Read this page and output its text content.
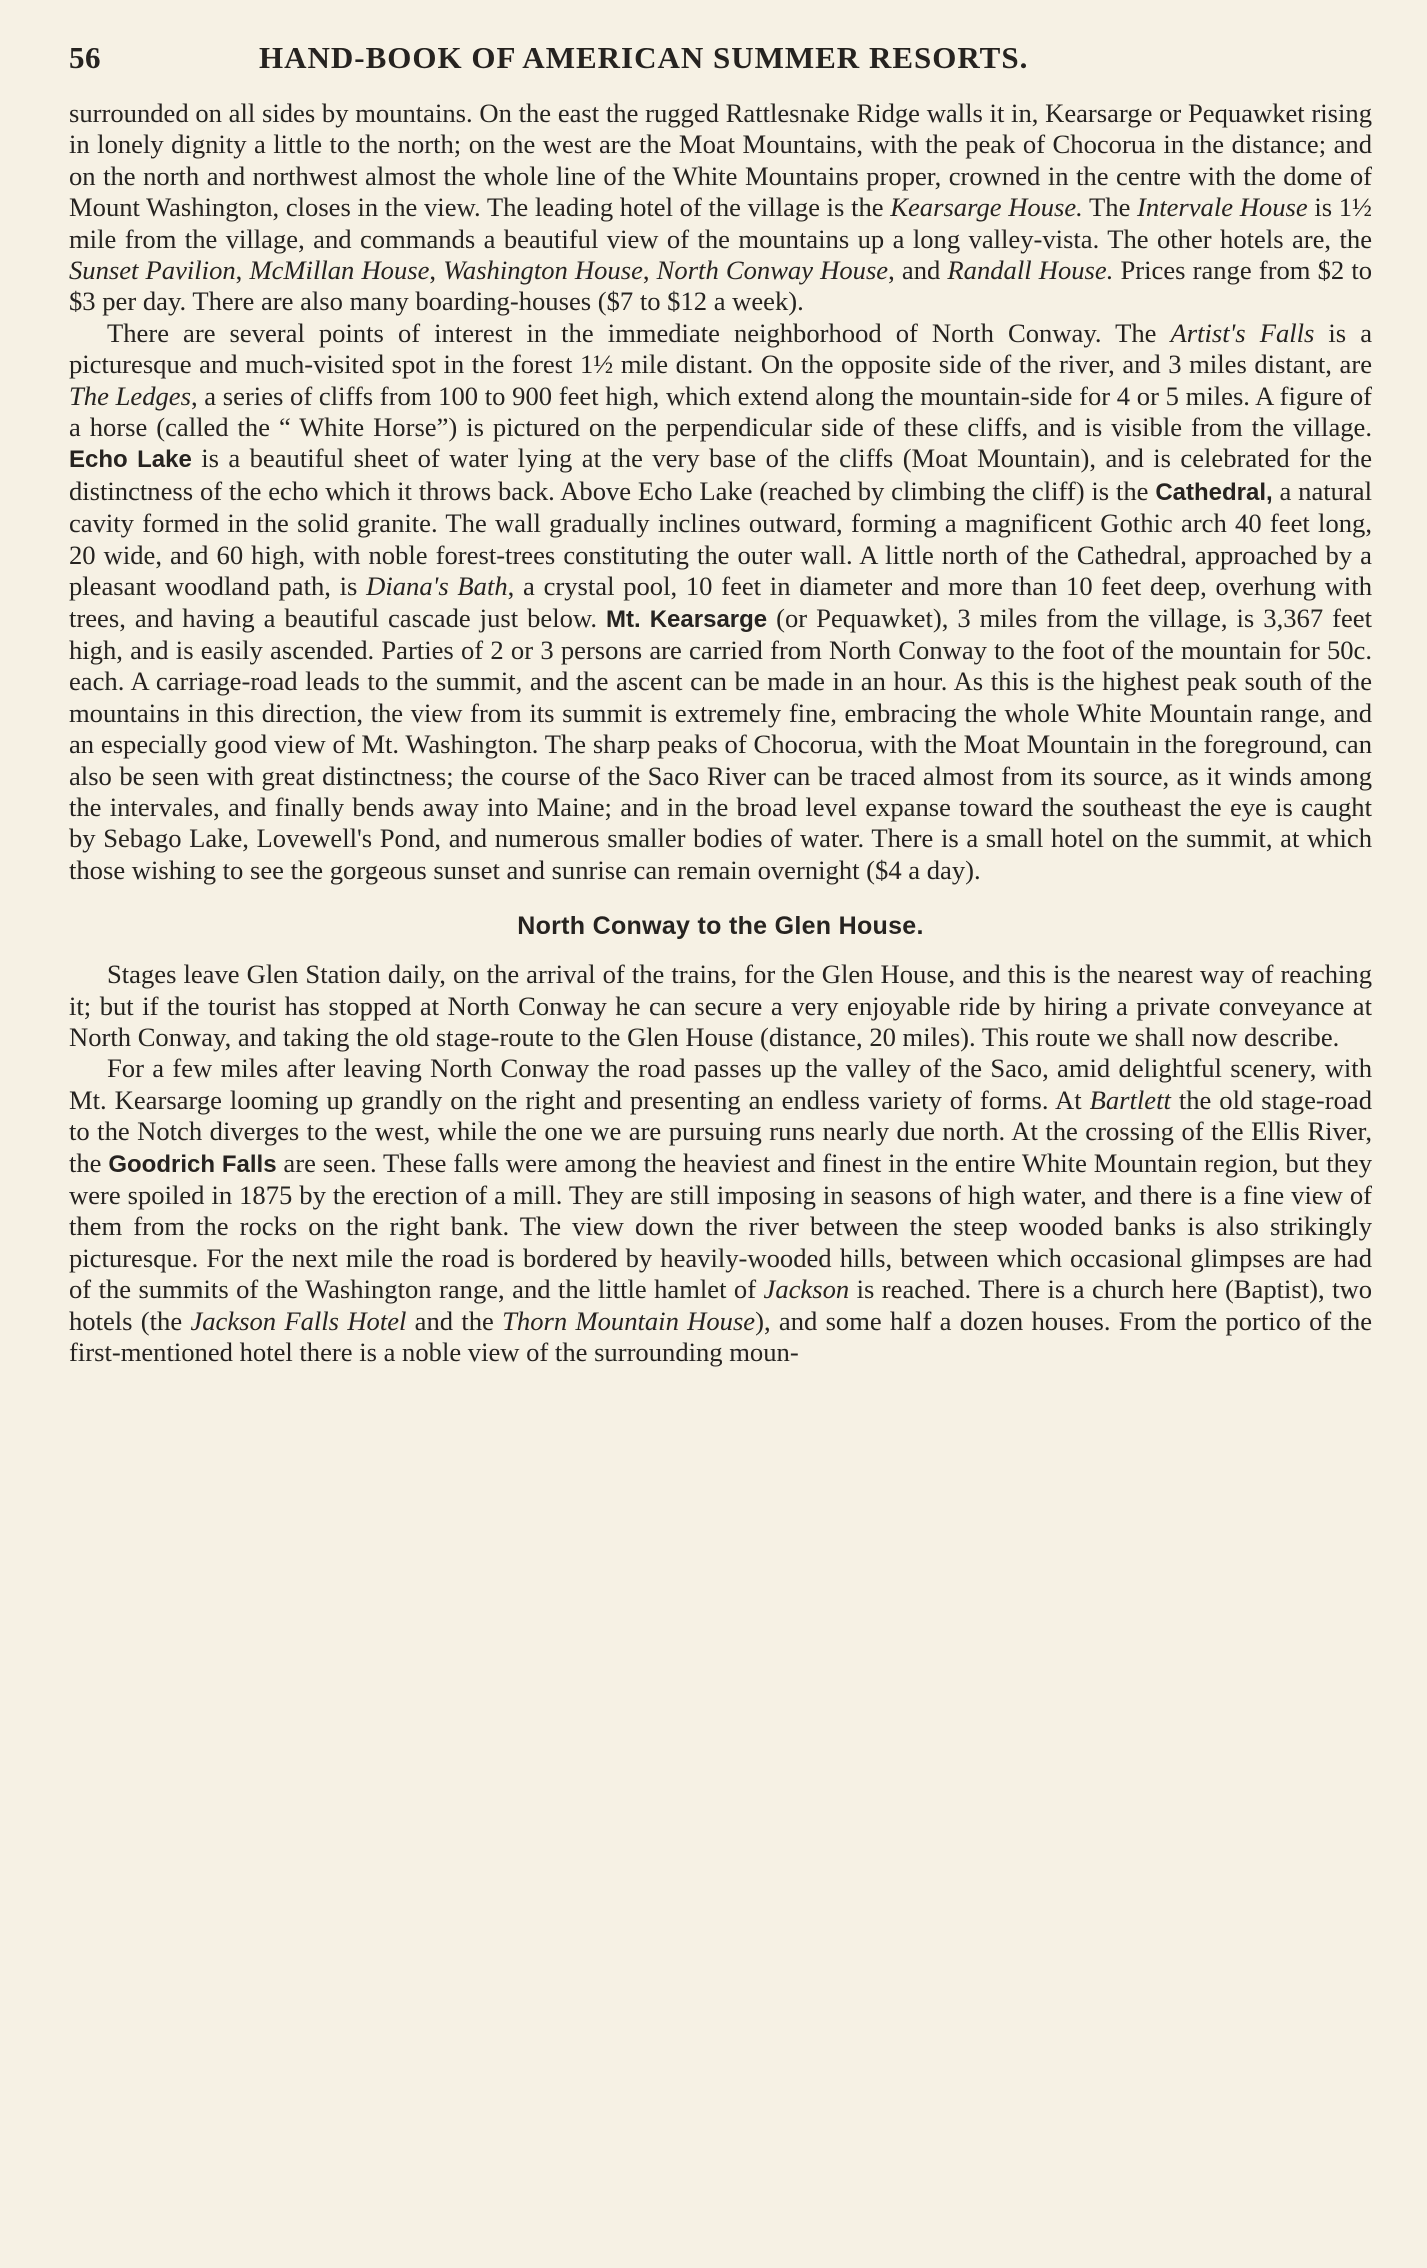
56	HAND-BOOK OF AMERICAN SUMMER RESORTS.

surrounded on all sides by mountains. On the east the rugged Rattlesnake Ridge walls it in, Kearsarge or Pequawket rising in lonely dignity a little to the north; on the west are the Moat Mountains, with the peak of Chocorua in the distance; and on the north and northwest almost the whole line of the White Mountains proper, crowned in the centre with the dome of Mount Washington, closes in the view. The leading hotel of the village is the Kearsarge House. The Intervale House is 1½ mile from the village, and commands a beautiful view of the mountains up a long valley-vista. The other hotels are, the Sunset Pavilion, McMillan House, Washington House, North Conway House, and Randall House. Prices range from $2 to $3 per day. There are also many boarding-houses ($7 to $12 a week).

There are several points of interest in the immediate neighborhood of North Conway. The Artist's Falls is a picturesque and much-visited spot in the forest 1½ mile distant. On the opposite side of the river, and 3 miles distant, are The Ledges, a series of cliffs from 100 to 900 feet high, which extend along the mountain-side for 4 or 5 miles. A figure of a horse (called the “ White Horse”) is pictured on the perpendicular side of these cliffs, and is visible from the village. Echo Lake is a beautiful sheet of water lying at the very base of the cliffs (Moat Mountain), and is celebrated for the distinctness of the echo which it throws back. Above Echo Lake (reached by climbing the cliff) is the Cathedral, a natural cavity formed in the solid granite. The wall gradually inclines outward, forming a magnificent Gothic arch 40 feet long, 20 wide, and 60 high, with noble forest-trees constituting the outer wall. A little north of the Cathedral, approached by a pleasant woodland path, is Diana's Bath, a crystal pool, 10 feet in diameter and more than 10 feet deep, overhung with trees, and having a beautiful cascade just below. Mt. Kearsarge (or Pequawket), 3 miles from the village, is 3,367 feet high, and is easily ascended. Parties of 2 or 3 persons are carried from North Conway to the foot of the mountain for 50c. each. A carriage-road leads to the summit, and the ascent can be made in an hour. As this is the highest peak south of the mountains in this direction, the view from its summit is extremely fine, embracing the whole White Mountain range, and an especially good view of Mt. Washington. The sharp peaks of Chocorua, with the Moat Mountain in the foreground, can also be seen with great distinctness; the course of the Saco River can be traced almost from its source, as it winds among the intervales, and finally bends away into Maine; and in the broad level expanse toward the southeast the eye is caught by Sebago Lake, Lovewell's Pond, and numerous smaller bodies of water. There is a small hotel on the summit, at which those wishing to see the gorgeous sunset and sunrise can remain overnight ($4 a day).

North Conway to the Glen House.

Stages leave Glen Station daily, on the arrival of the trains, for the Glen House, and this is the nearest way of reaching it; but if the tourist has stopped at North Conway he can secure a very enjoyable ride by hiring a private conveyance at North Conway, and taking the old stage-route to the Glen House (distance, 20 miles). This route we shall now describe.

For a few miles after leaving North Conway the road passes up the valley of the Saco, amid delightful scenery, with Mt. Kearsarge looming up grandly on the right and presenting an endless variety of forms. At Bartlett the old stage-road to the Notch diverges to the west, while the one we are pursuing runs nearly due north. At the crossing of the Ellis River, the Goodrich Falls are seen. These falls were among the heaviest and finest in the entire White Mountain region, but they were spoiled in 1875 by the erection of a mill. They are still imposing in seasons of high water, and there is a fine view of them from the rocks on the right bank. The view down the river between the steep wooded banks is also strikingly picturesque. For the next mile the road is bordered by heavily-wooded hills, between which occasional glimpses are had of the summits of the Washington range, and the little hamlet of Jackson is reached. There is a church here (Baptist), two hotels (the Jackson Falls Hotel and the Thorn Mountain House), and some half a dozen houses. From the portico of the first-mentioned hotel there is a noble view of the surrounding moun-
